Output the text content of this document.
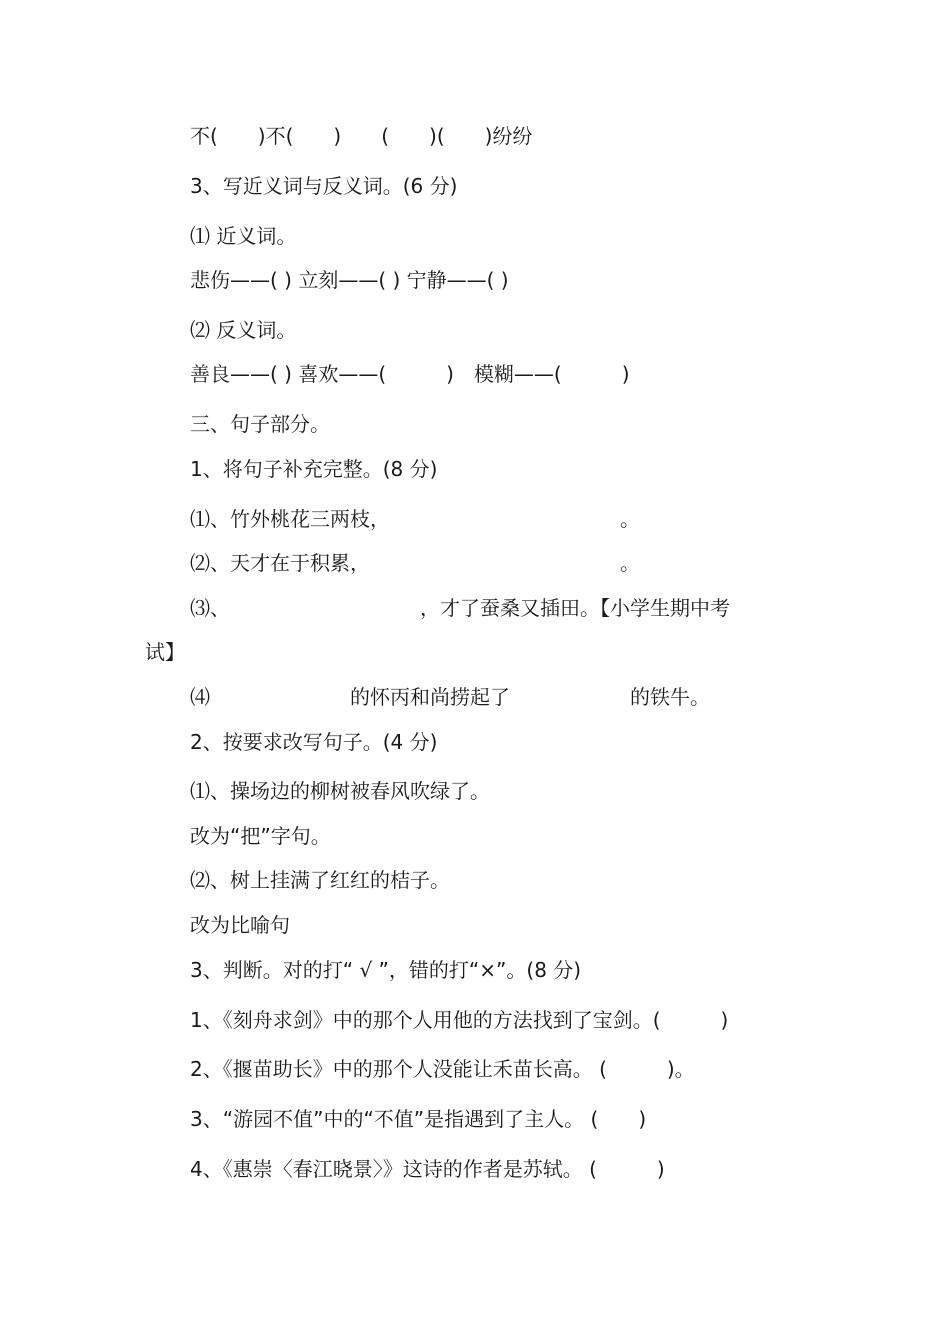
不(　　)不(　　)　　(　　)(　　)纷纷
3、写近义词与反义词。(6 分)
⑴ 近义词。
悲伤——( ) 立刻——( ) 宁静——( )
⑵ 反义词。
善良——( ) 喜欢——(　　　)　模糊——(　　　)
三、句子部分。
1、将句子补充完整。(8 分)
⑴、竹外桃花三两枝，　　　　　　　　　　　　。
⑵、天才在于积累，　　　　　　　　　　　　　。
⑶、　　　　　　　　　　，才了蚕桑又插田。【小学生期中考
试】
⑷　　　　　　　的怀丙和尚捞起了　　　　　　的铁牛。
2、按要求改写句子。(4 分)
⑴、操场边的柳树被春风吹绿了。
改为“把”字句。
⑵、树上挂满了红红的桔子。
改为比喻句
3、判断。对的打“ √ ”，错的打“×”。(8 分)
1、《刻舟求剑》中的那个人用他的方法找到了宝剑。(　　　)
2、《揠苗助长》中的那个人没能让禾苗长高。 (　　　)。
3、“游园不值”中的“不值”是指遇到了主人。 (　　)
4、《惠崇〈春江晓景〉》这诗的作者是苏轼。 (　　　)
